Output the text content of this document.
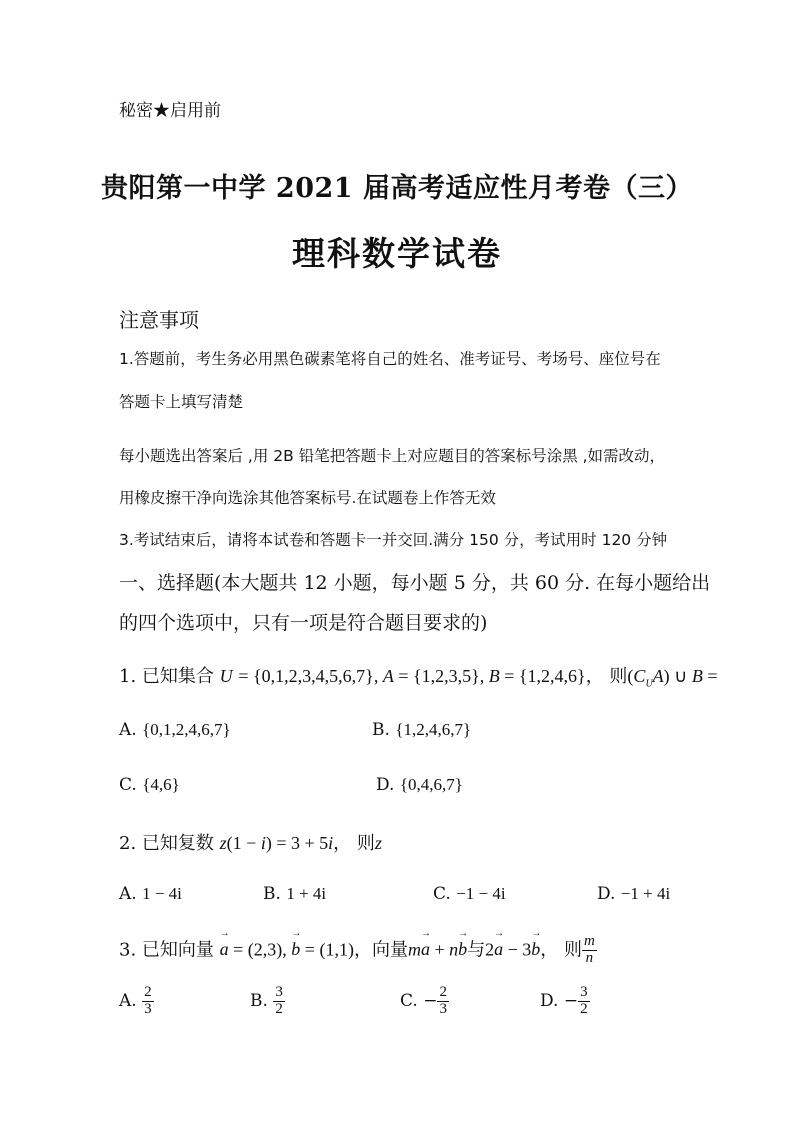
秘密★启用前
贵阳第一中学 2021 届高考适应性月考卷（三）
理科数学试卷
注意事项
1.答题前，考生务必用黑色碳素笔将自己的姓名、准考证号、考场号、座位号在
答题卡上填写清楚
每小题选出答案后 ,用 2B 铅笔把答题卡上对应题目的答案标号涂黑 ,如需改动，
用橡皮擦干净向选涂其他答案标号.在试题卷上作答无效
3.考试结束后，请将本试卷和答题卡一并交回.满分 150 分，考试用时 120 分钟
一、选择题(本大题共 12 小题，每小题 5 分，共 60 分. 在每小题给出
的四个选项中，只有一项是符合题目要求的)
1. 已知集合 U = {0,1,2,3,4,5,6,7}, A = {1,2,3,5}, B = {1,2,4,6}， 则$(C_UA)$ ∪ B =
A. {0,1,2,4,6,7}	B. {1,2,4,6,7}
C. {4,6}	D. {0,4,6,7}
2. 已知复数 z(1 − i) = 3 + 5i， 则z
A. 1 − 4i	B. 1 + 4i	C. −1 − 4i	D. −1 + 4i
3. 已知向量 → a = (2,3), → b = (1,1)，向量m→ a + n→ b与2→ a − 3→ b， 则 $\frac{m}{n}$
A. $\frac{2}{3}$	B. $\frac{3}{2}$	C. − $\frac{2}{3}$	D. − $\frac{3}{2}$
